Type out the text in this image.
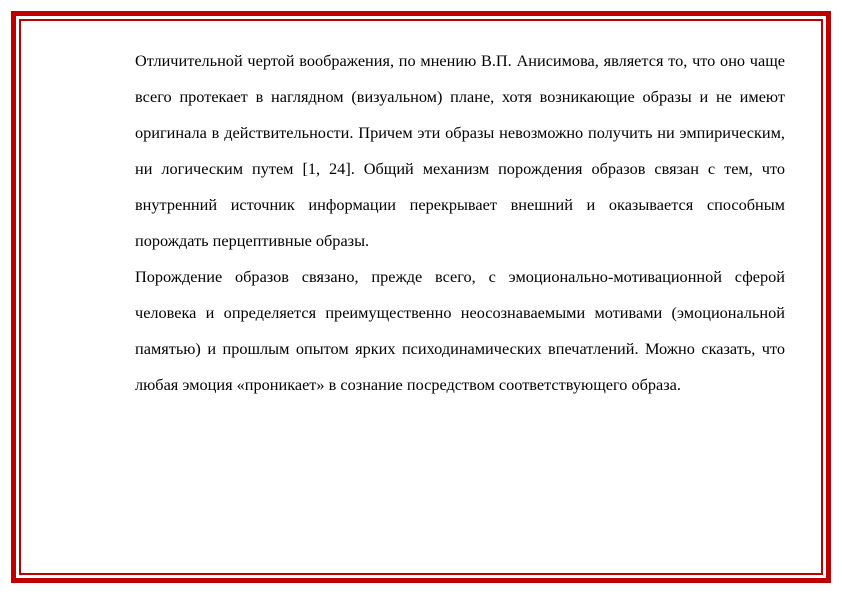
Отличительной чертой воображения, по мнению В.П. Анисимова, является то, что оно чаще всего протекает в наглядном (визуальном) плане, хотя возникающие образы и не имеют оригинала в действительности. Причем эти образы невозможно получить ни эмпирическим, ни логическим путем [1, 24]. Общий механизм порождения образов связан с тем, что внутренний источник информации перекрывает внешний и оказывается способным порождать перцептивные образы.

Порождение образов связано, прежде всего, с эмоционально-мотивационной сферой человека и определяется преимущественно неосознаваемыми мотивами (эмоциональной памятью) и прошлым опытом ярких психодинамических впечатлений. Можно сказать, что любая эмоция «проникает» в сознание посредством соответствующего образа.
